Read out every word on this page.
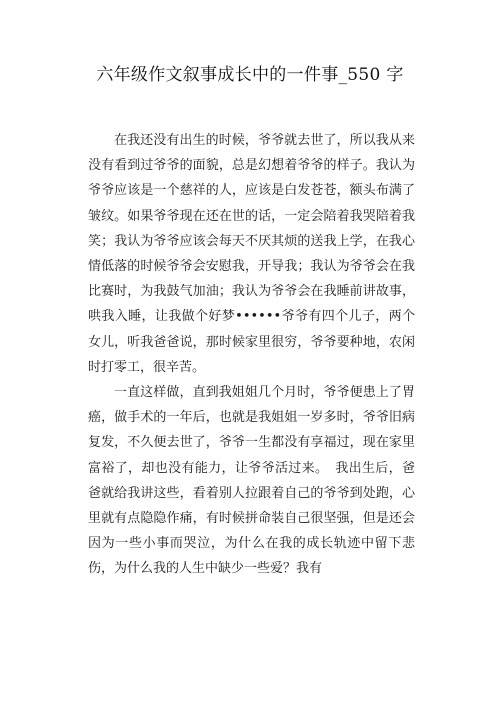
六年级作文叙事成长中的一件事_550 字

在我还没有出生的时候，爷爷就去世了，所以我从来没有看到过爷爷的面貌，总是幻想着爷爷的样子。我认为爷爷应该是一个慈祥的人，应该是白发苍苍，额头布满了皱纹。如果爷爷现在还在世的话，一定会陪着我哭陪着我笑；我认为爷爷应该会每天不厌其烦的送我上学，在我心情低落的时候爷爷会安慰我，开导我；我认为爷爷会在我比赛时，为我鼓气加油；我认为爷爷会在我睡前讲故事，哄我入睡，让我做个好梦••••••爷爷有四个儿子，两个女儿，听我爸爸说，那时候家里很穷，爷爷要种地，农闲时打零工，很辛苦。

一直这样做，直到我姐姐几个月时，爷爷便患上了胃癌，做手术的一年后，也就是我姐姐一岁多时，爷爷旧病复发，不久便去世了，爷爷一生都没有享福过，现在家里富裕了，却也没有能力，让爷爷活过来。　我出生后，爸爸就给我讲这些，看着别人拉跟着自己的爷爷到处跑，心里就有点隐隐作痛，有时候拼命装自己很坚强，但是还会因为一些小事而哭泣，为什么在我的成长轨迹中留下悲伤，为什么我的人生中缺少一些爱？我有
